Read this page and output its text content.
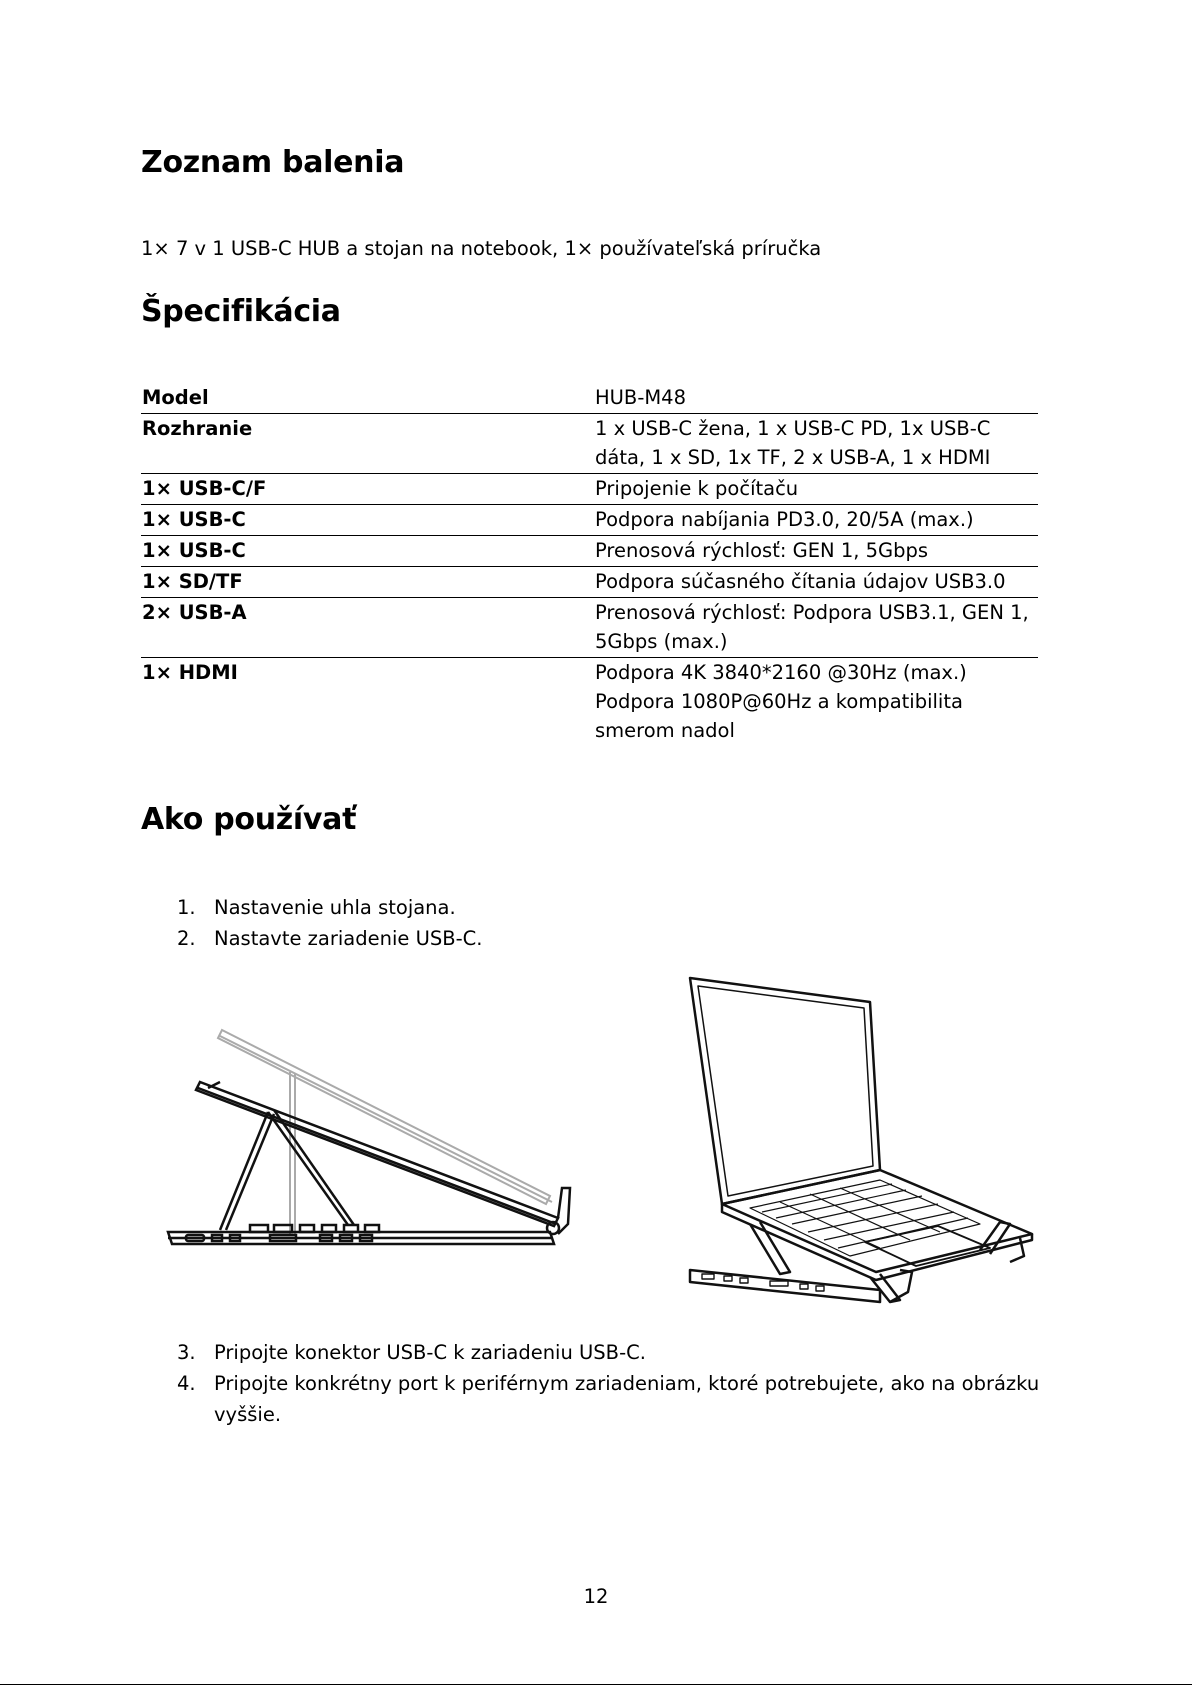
Zoznam balenia

1× 7 v 1 USB-C HUB a stojan na notebook, 1× používateľská príručka

Špecifikácia
Model	HUB-M48

Rozhranie	1 x USB-C žena, 1 x USB-C PD, 1x USB-C
dáta, 1 x SD, 1x TF, 2 x USB-A, 1 x HDMI

1× USB-C/F	Pripojenie k počítaču

1× USB-C	Podpora nabíjania PD3.0, 20/5A (max.)

1× USB-C	Prenosová rýchlosť: GEN 1, 5Gbps

1× SD/TF	Podpora súčasného čítania údajov USB3.0

2× USB-A	Prenosová rýchlosť: Podpora USB3.1, GEN 1,
5Gbps (max.)

1× HDMI	Podpora 4K 3840*2160 @30Hz (max.)
Podpora 1080P@60Hz a kompatibilita
smerom nadol
Ako používať
1. Nastavenie uhla stojana.
2. Nastavte zariadenie USB-C.
3. Pripojte konektor USB-C k zariadeniu USB-C.
4. Pripojte konkrétny port k periférnym zariadeniam, ktoré potrebujete, ako na obrázku
vyššie.
12
